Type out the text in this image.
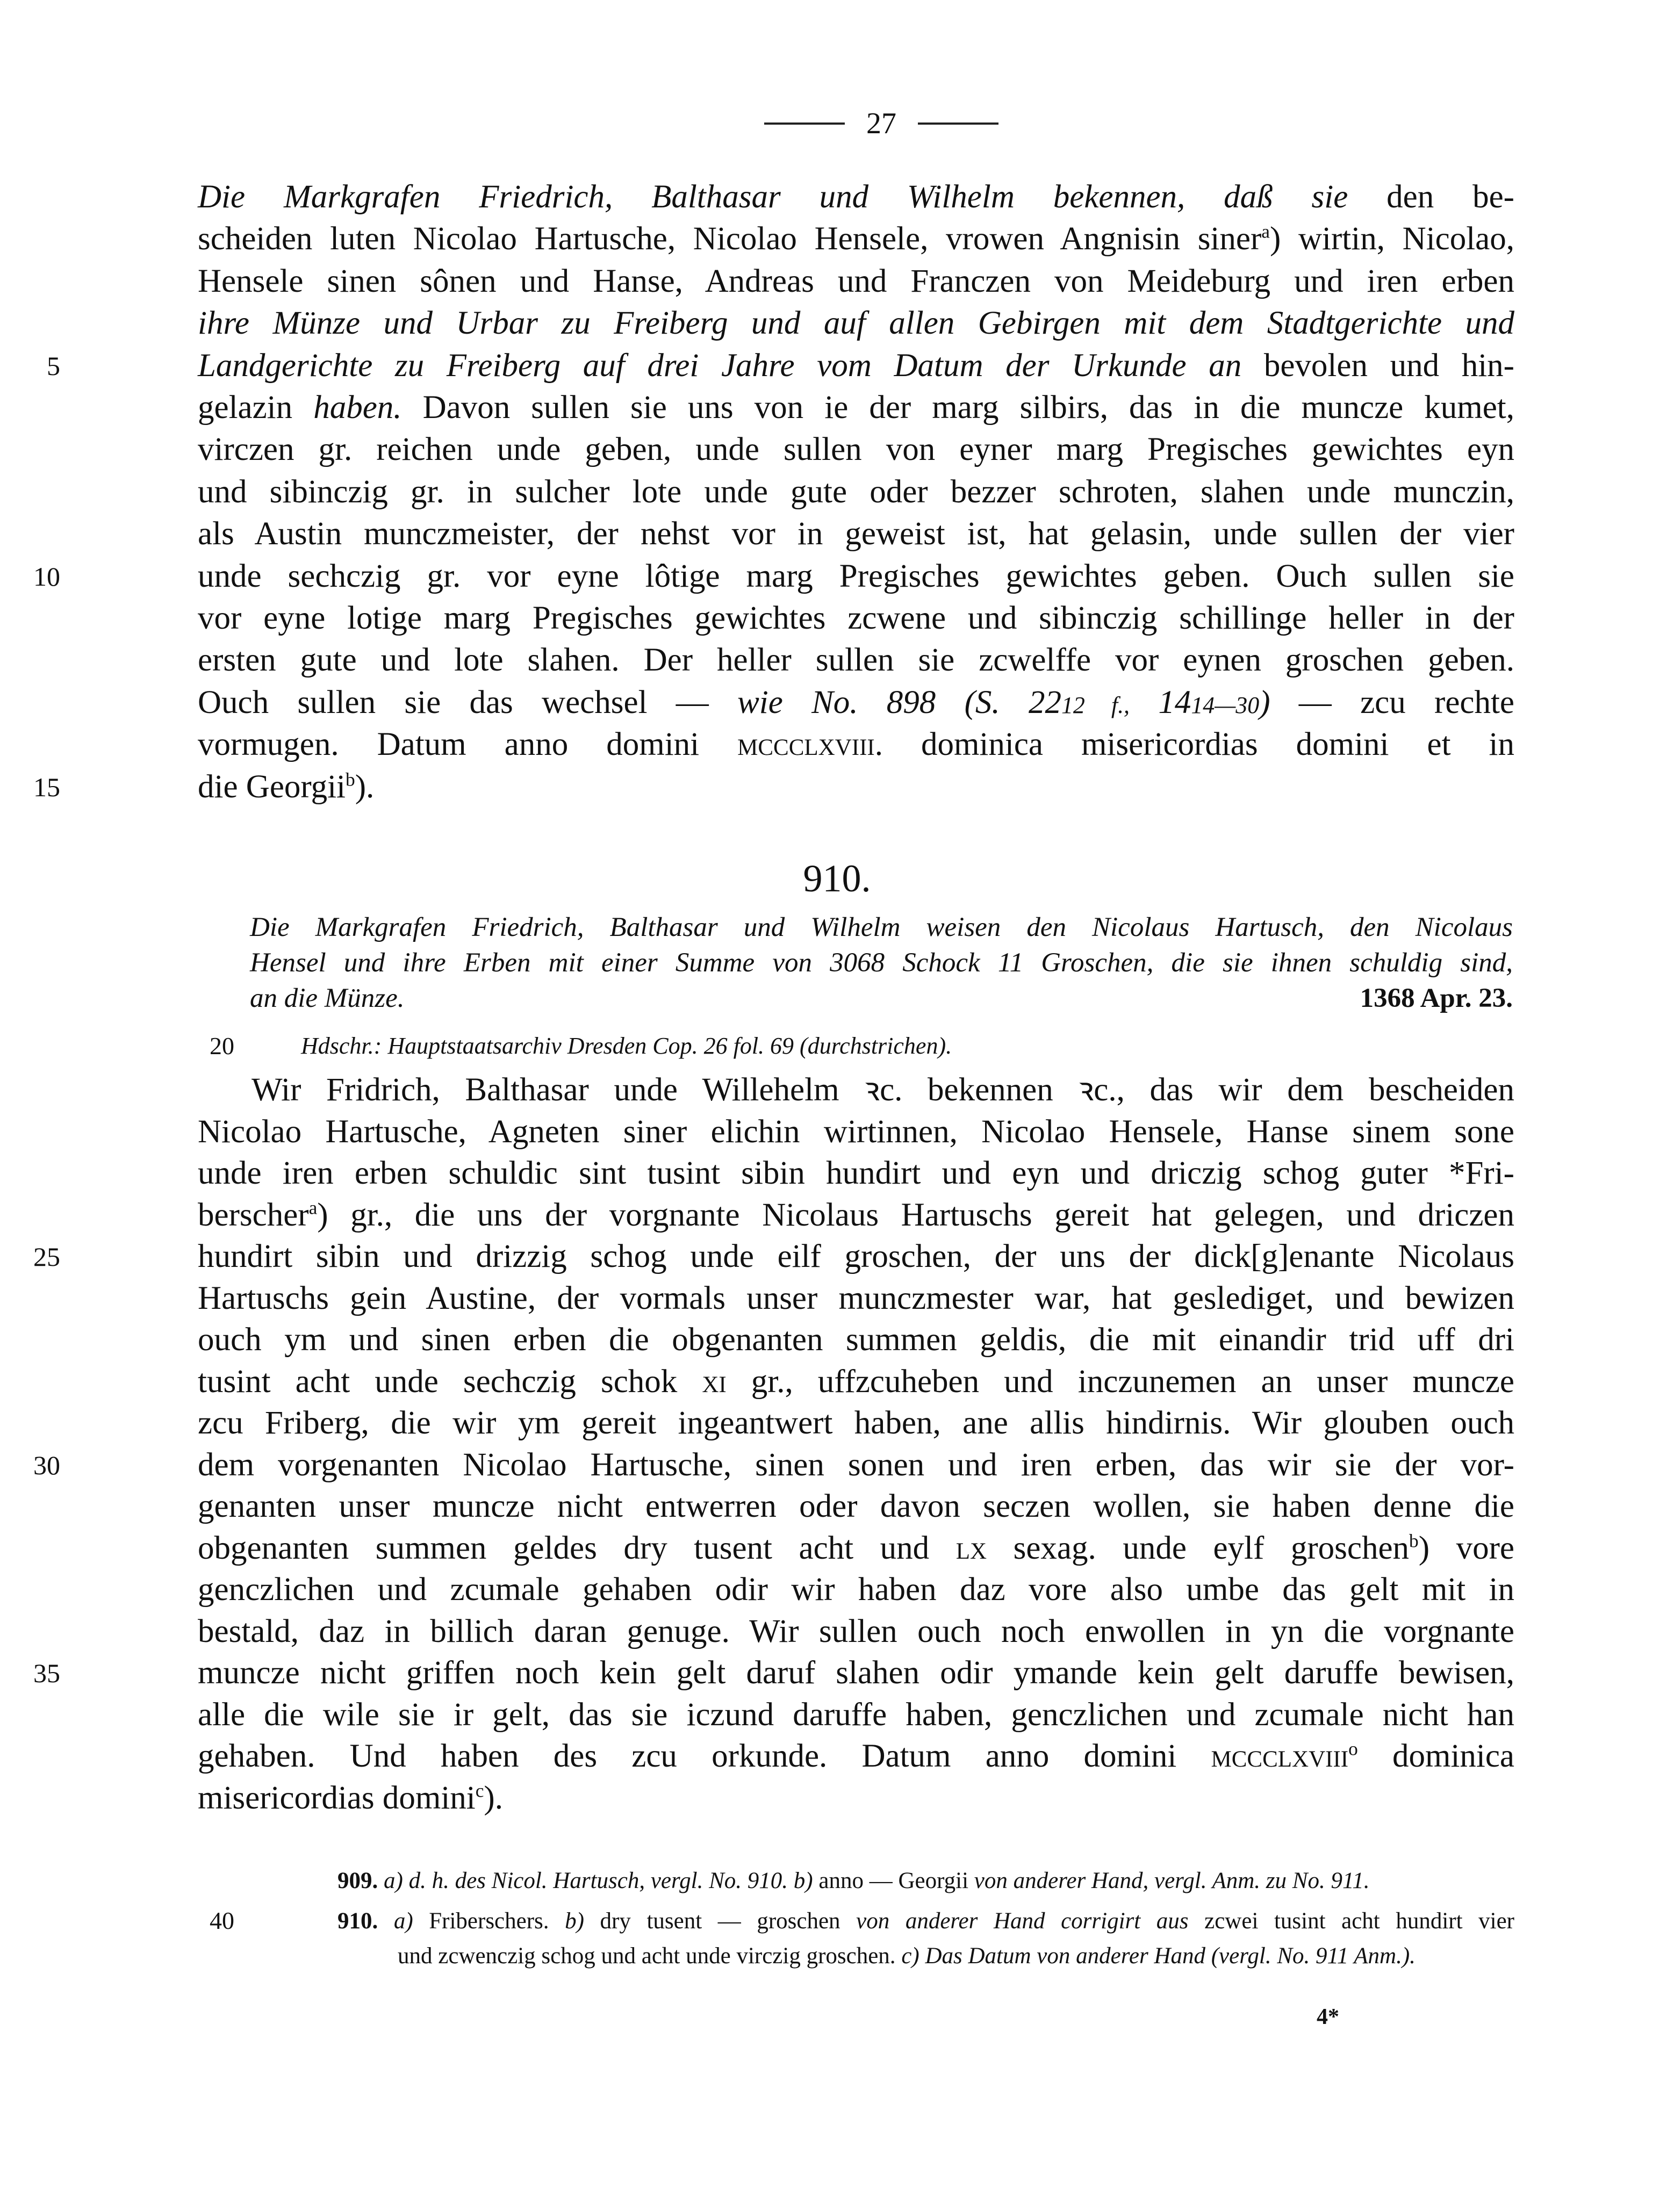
27
Die Markgrafen Friedrich, Balthasar und Wilhelm bekennen, daß sie den be-
scheiden luten Nicolao Hartusche, Nicolao Hensele, vrowen Angnisin siner$^a$) wirtin, Nicolao,
Hensele sinen sônen und Hanse, Andreas und Franczen von Meideburg und iren erben
ihre Münze und Urbar zu Freiberg und auf allen Gebirgen mit dem Stadtgerichte und
Landgerichte zu Freiberg auf drei Jahre vom Datum der Urkunde an bevolen und hin-
5
gelazin haben. Davon sullen sie uns von ie der marg silbirs, das in die muncze kumet,
virczen gr. reichen unde geben, unde sullen von eyner marg Pregisches gewichtes eyn
und sibinczig gr. in sulcher lote unde gute oder bezzer schroten, slahen unde munczin,
als Austin munczmeister, der nehst vor in geweist ist, hat gelasin, unde sullen der vier
unde sechczig gr. vor eyne lôtige marg Pregisches gewichtes geben. Ouch sullen sie
10
vor eyne lotige marg Pregisches gewichtes zcwene und sibinczig schillinge heller in der
ersten gute und lote slahen. Der heller sullen sie zcwelffe vor eynen groschen geben.
Ouch sullen sie das wechsel — wie No. 898 (S. 2212 f., 1414—30) — zcu rechte
vormugen. Datum anno domini mccclxviii. dominica misericordias domini et in
die Georgii$^b$).
15
910.
Die Markgrafen Friedrich, Balthasar und Wilhelm weisen den Nicolaus Hartusch, den Nicolaus
Hensel und ihre Erben mit einer Summe von 3068 Schock 11 Groschen, die sie ihnen schuldig sind,
an die Münze.	1368 Apr. 23.
20	Hdschr.: Hauptstaatsarchiv Dresden Cop. 26 fol. 69 (durchstrichen).
Wir Fridrich, Balthasar unde Willehelm ꝛc. bekennen ꝛc., das wir dem bescheiden
Nicolao Hartusche, Agneten siner elichin wirtinnen, Nicolao Hensele, Hanse sinem sone
unde iren erben schuldic sint tusint sibin hundirt und eyn und driczig schog guter *Fri-
berscher$^a$) gr., die uns der vorgnante Nicolaus Hartuschs gereit hat gelegen, und driczen
hundirt sibin und drizzig schog unde eilf groschen, der uns der dick[g]enante Nicolaus
25
Hartuschs gein Austine, der vormals unser munczmester war, hat geslediget, und bewizen
ouch ym und sinen erben die obgenanten summen geldis, die mit einandir trid uff dri
tusint acht unde sechczig schok xi gr., uffzcuheben und inczunemen an unser muncze
zcu Friberg, die wir ym gereit ingeantwert haben, ane allis hindirnis. Wir glouben ouch
dem vorgenanten Nicolao Hartusche, sinen sonen und iren erben, das wir sie der vor-
30
genanten unser muncze nicht entwerren oder davon seczen wollen, sie haben denne die
obgenanten summen geldes dry tusent acht und lx sexag. unde eylf groschen$^b$) vore
genczlichen und zcumale gehaben odir wir haben daz vore also umbe das gelt mit in
bestald, daz in billich daran genuge. Wir sullen ouch noch enwollen in yn die vorgnante
muncze nicht griffen noch kein gelt daruf slahen odir ymande kein gelt daruffe bewisen,
35
alle die wile sie ir gelt, das sie iczund daruffe haben, genczlichen und zcumale nicht han
gehaben. Und haben des zcu orkunde. Datum anno domini mccclxviii$^o$ dominica
misericordias domini$^c$).
909. a) d. h. des Nicol. Hartusch, vergl. No. 910. b) anno — Georgii von anderer Hand, vergl. Anm. zu No. 911.
910. a) Friberschers. b) dry tusent — groschen von anderer Hand corrigirt aus zcwei tusint acht hundirt vier
40
und zcwenczig schog und acht unde virczig groschen. c) Das Datum von anderer Hand (vergl. No. 911 Anm.).
4*
